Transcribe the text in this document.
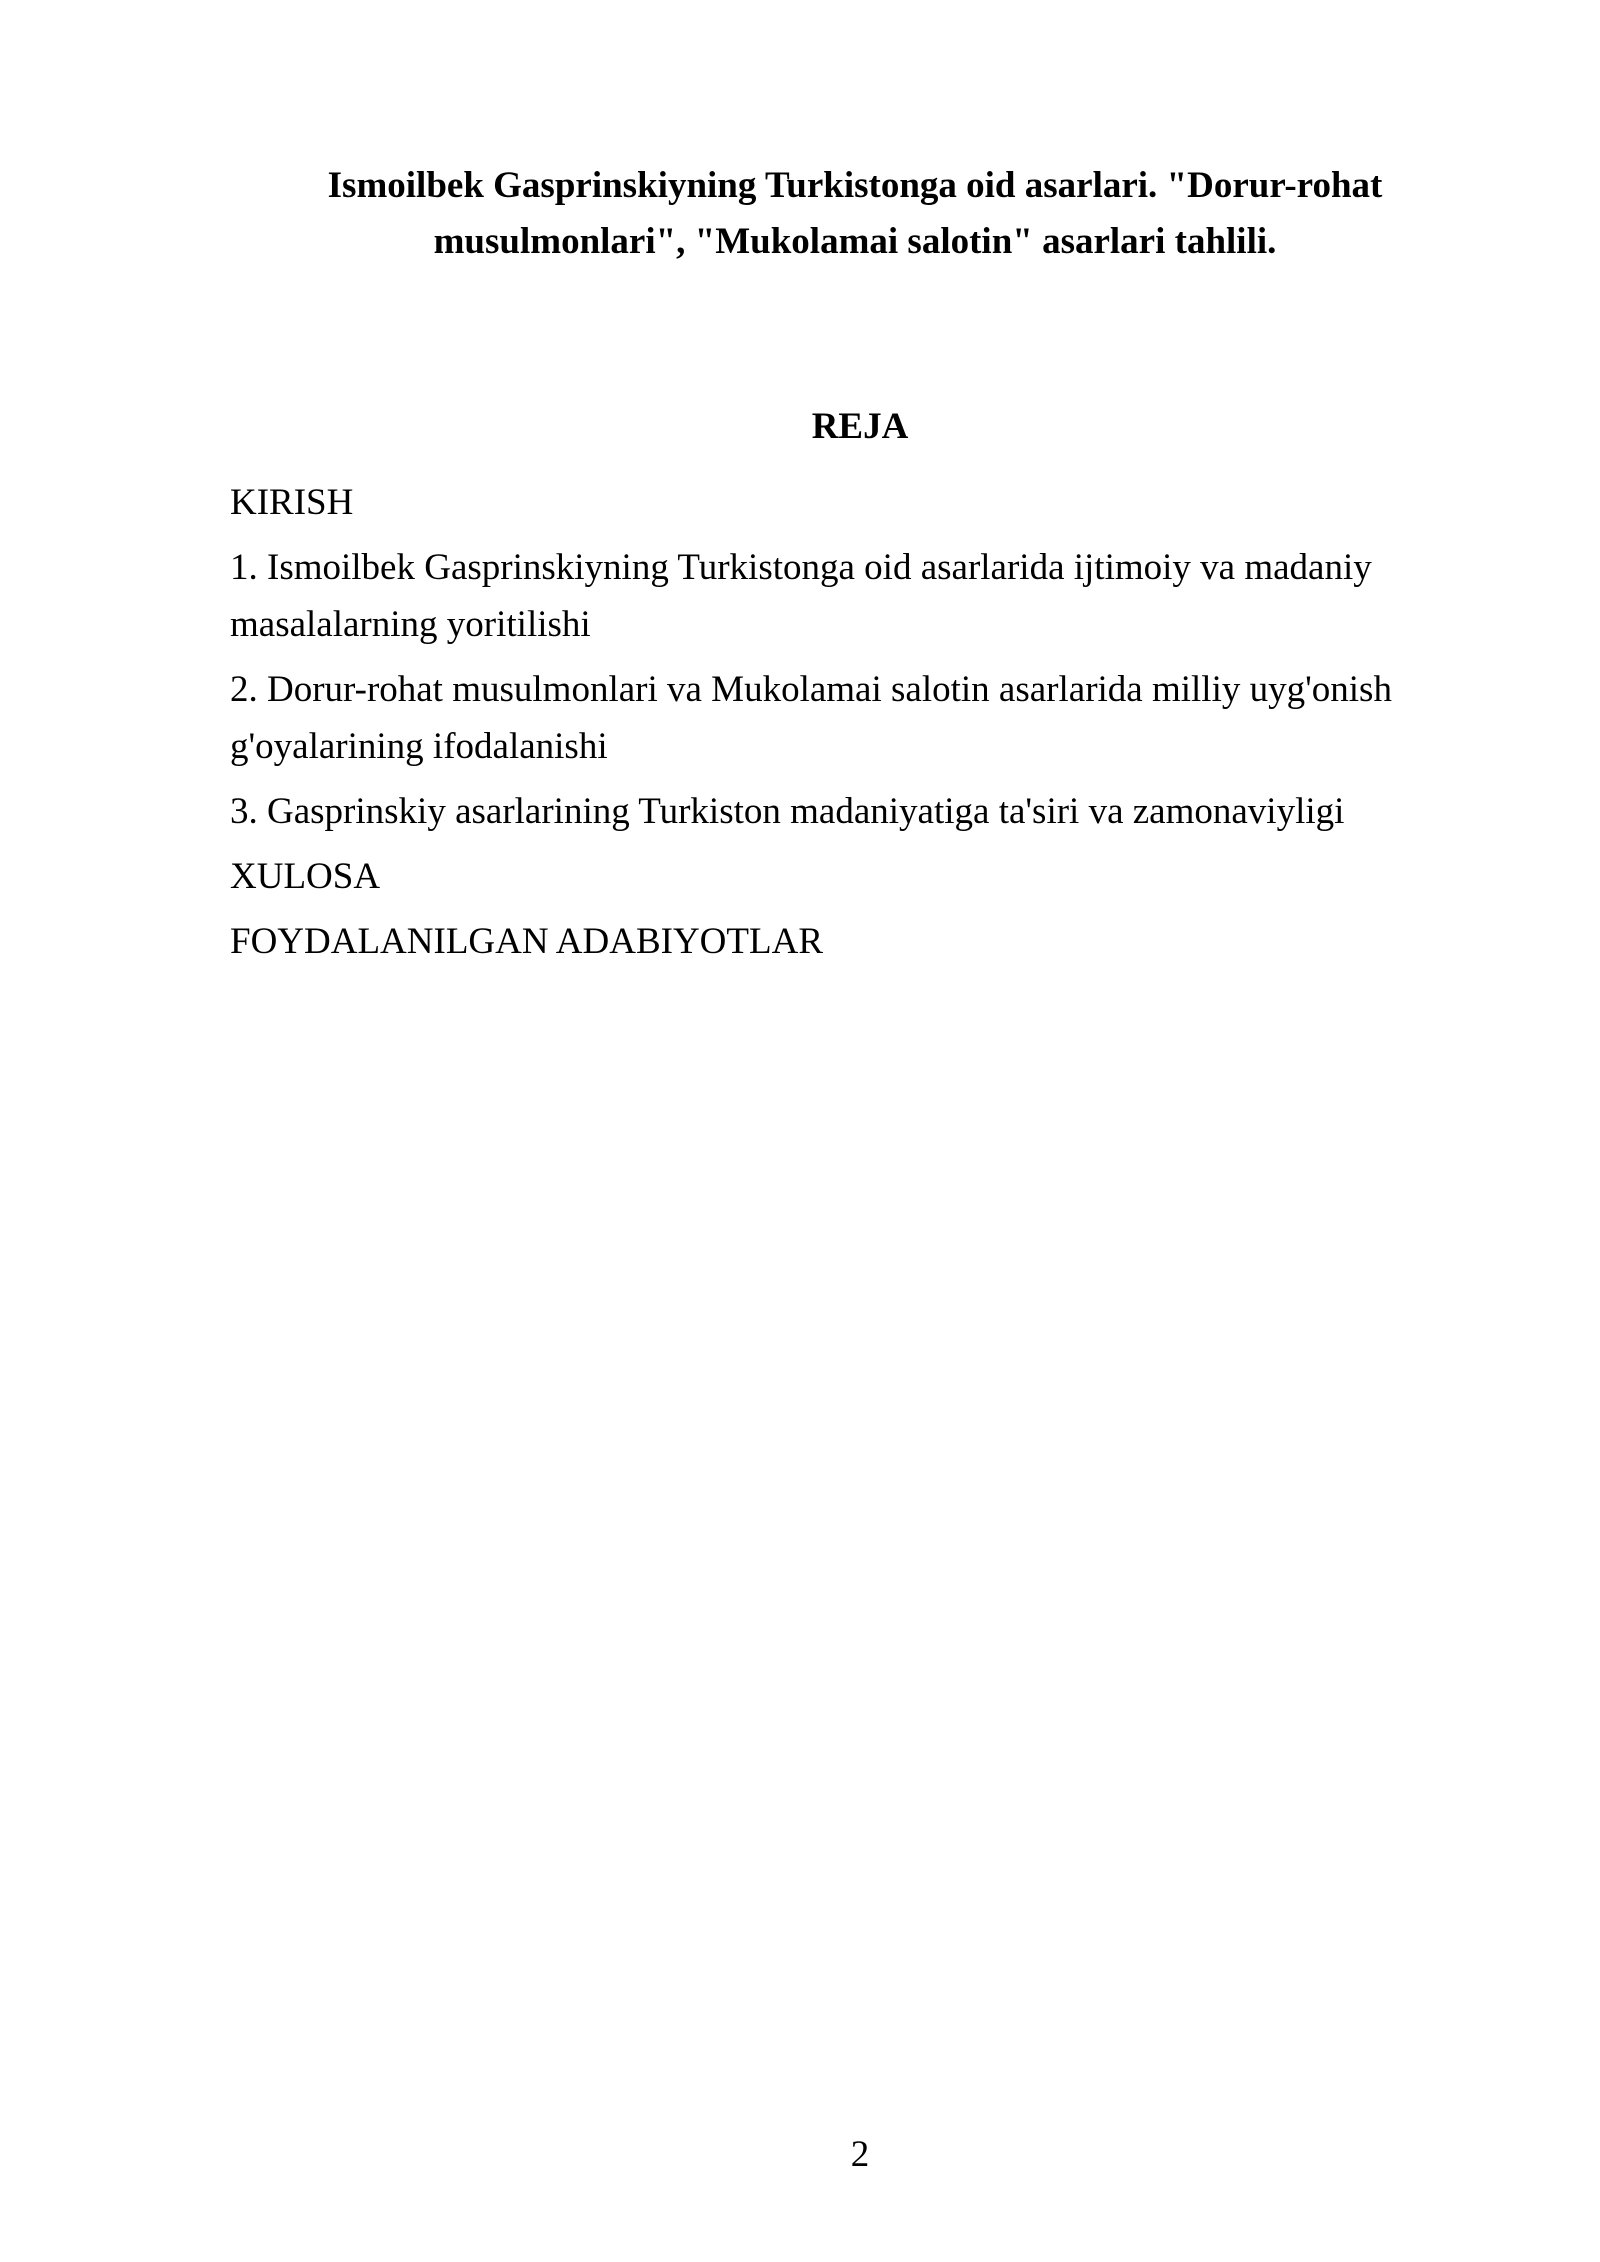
Ismoilbek Gasprinskiyning Turkistonga oid asarlari. "Dorur-rohat musulmonlari", "Mukolamai salotin" asarlari tahlili.
REJA
KIRISH
1. Ismoilbek Gasprinskiyning Turkistonga oid asarlarida ijtimoiy va madaniy masalalarning yoritilishi
2. Dorur-rohat musulmonlari va Mukolamai salotin asarlarida milliy uyg'onish g'oyalarining ifodalanishi
3. Gasprinskiy asarlarining Turkiston madaniyatiga ta'siri va zamonaviyligi
XULOSA
FOYDALANILGAN ADABIYOTLAR
2
